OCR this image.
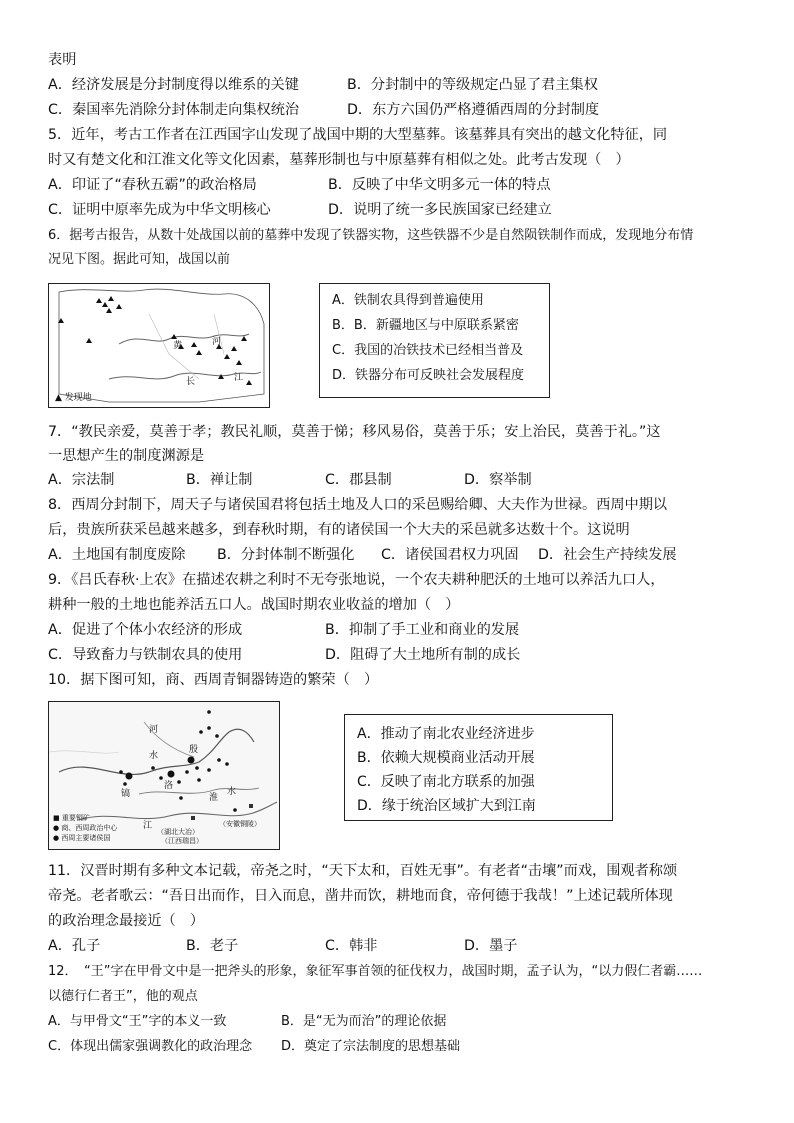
表明
A．经济发展是分封制度得以维系的关键	B．分封制中的等级规定凸显了君主集权
C．秦国率先消除分封体制走向集权统治	D．东方六国仍严格遵循西周的分封制度
5．近年，考古工作者在江西国字山发现了战国中期的大型墓葬。该墓葬具有突出的越文化特征，同
时又有楚文化和江淮文化等文化因素，墓葬形制也与中原墓葬有相似之处。此考古发现（　）
A．印证了“春秋五霸”的政治格局	B．反映了中华文明多元一体的特点
C．证明中原率先成为中华文明核心	D．说明了统一多民族国家已经建立
6．据考古报告，从数十处战国以前的墓葬中发现了铁器实物，这些铁器不少是自然陨铁制作而成，发现地分布情
况见下图。据此可知，战国以前
黄	河
长	江
▲ 发现地
A．铁制农具得到普遍使用
B．B．新疆地区与中原联系紧密
C．我国的冶铁技术已经相当普及
D．铁器分布可反映社会发展程度
7．“教民亲爱，莫善于孝；教民礼顺，莫善于悌；移风易俗，莫善于乐；安上治民，莫善于礼。”这
一思想产生的制度渊源是
A．宗法制	B．禅让制	C．郡县制	D．察举制
8．西周分封制下，周天子与诸侯国君将包括土地及人口的采邑赐给卿、大夫作为世禄。西周中期以
后，贵族所获采邑越来越多，到春秋时期，有的诸侯国一个大夫的采邑就多达数十个。这说明
A．土地国有制度废除 B．分封体制不断强化 C．诸侯国君权力巩固 D．社会生产持续发展
9．《吕氏春秋·上农》在描述农耕之利时不无夸张地说，一个农夫耕种肥沃的土地可以养活九口人，
耕种一般的土地也能养活五口人。战国时期农业收益的增加（　）
A．促进了个体小农经济的形成	B．抑制了手工业和商业的发展
C．导致畜力与铁制农具的使用	D．阻碍了大土地所有制的成长
10．据下图可知，商、西周青铜器铸造的繁荣（　）
河
水
殷
洛
镐	淮
水
江	（安徽铜陵）
（湖北大冶）
（江西瑞昌）
■ 重要铜矿
● 商、西周政治中心
● 西周主要诸侯国
A．推动了南北农业经济进步
B．依赖大规模商业活动开展
C．反映了南北方联系的加强
D．缘于统治区域扩大到江南
11．汉晋时期有多种文本记载，帝尧之时，“天下太和，百姓无事”。有老者“击壤”而戏，围观者称颂
帝尧。老者歌云：“吾日出而作，日入而息，凿井而饮，耕地而食，帝何德于我哉！”上述记载所体现
的政治理念最接近（　）
A．孔子	B．老子	C．韩非	D．墨子
12．　“王”字在甲骨文中是一把斧头的形象，象征军事首领的征伐权力，战国时期，孟子认为，“以力假仁者霸……
以德行仁者王”，他的观点
A．与甲骨文“王”字的本义一致	B．是“无为而治”的理论依据
C．体现出儒家强调教化的政治理念 D．奠定了宗法制度的思想基础
